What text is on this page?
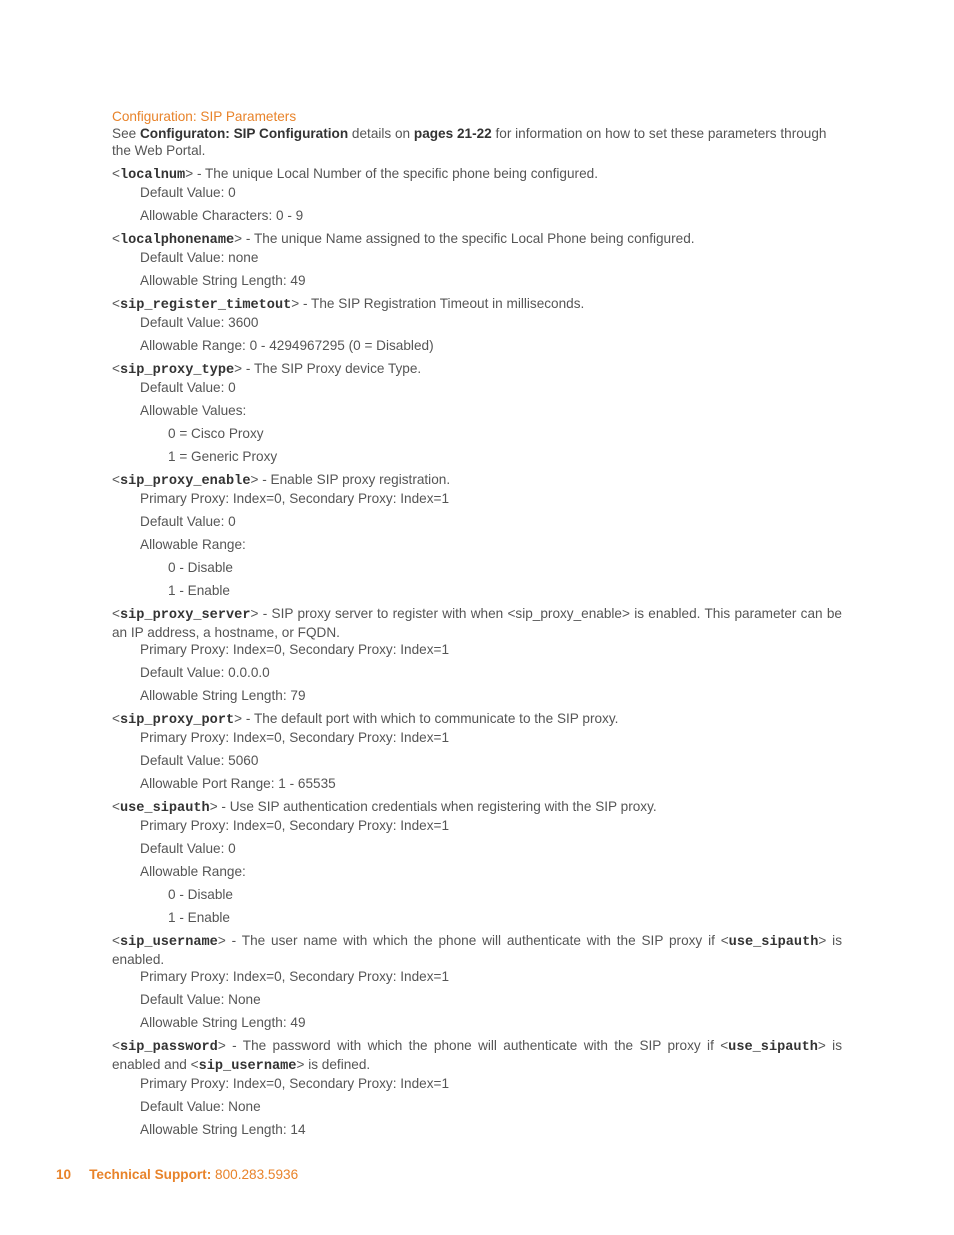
Configuration: SIP Parameters

See Configuraton: SIP Configuration details on pages 21-22 for information on how to set these parameters through the Web Portal.

<localnum> - The unique Local Number of the specific phone being configured.
Default Value: 0
Allowable Characters: 0 - 9
<localphonename> - The unique Name assigned to the specific Local Phone being configured.
Default Value: none
Allowable String Length: 49
<sip_register_timetout> - The SIP Registration Timeout in milliseconds.
Default Value: 3600
Allowable Range: 0 - 4294967295 (0 = Disabled)
<sip_proxy_type> - The SIP Proxy device Type.
Default Value: 0
Allowable Values:
0 = Cisco Proxy
1 = Generic Proxy
<sip_proxy_enable> - Enable SIP proxy registration.
Primary Proxy: Index=0, Secondary Proxy: Index=1
Default Value: 0
Allowable Range:
0 - Disable
1 - Enable
<sip_proxy_server> - SIP proxy server to register with when <sip_proxy_enable> is enabled. This parameter can be an IP address, a hostname, or FQDN.
Primary Proxy: Index=0, Secondary Proxy: Index=1
Default Value: 0.0.0.0
Allowable String Length: 79
<sip_proxy_port> - The default port with which to communicate to the SIP proxy.
Primary Proxy: Index=0, Secondary Proxy: Index=1
Default Value: 5060
Allowable Port Range: 1 - 65535
<use_sipauth> - Use SIP authentication credentials when registering with the SIP proxy.
Primary Proxy: Index=0, Secondary Proxy: Index=1
Default Value: 0
Allowable Range:
0 - Disable
1 - Enable
<sip_username> - The user name with which the phone will authenticate with the SIP proxy if <use_sipauth> is enabled.
Primary Proxy: Index=0, Secondary Proxy: Index=1
Default Value: None
Allowable String Length: 49
<sip_password> - The password with which the phone will authenticate with the SIP proxy if <use_sipauth> is enabled and <sip_username> is defined.
Primary Proxy: Index=0, Secondary Proxy: Index=1
Default Value: None
Allowable String Length: 14
10 Technical Support: 800.283.5936
